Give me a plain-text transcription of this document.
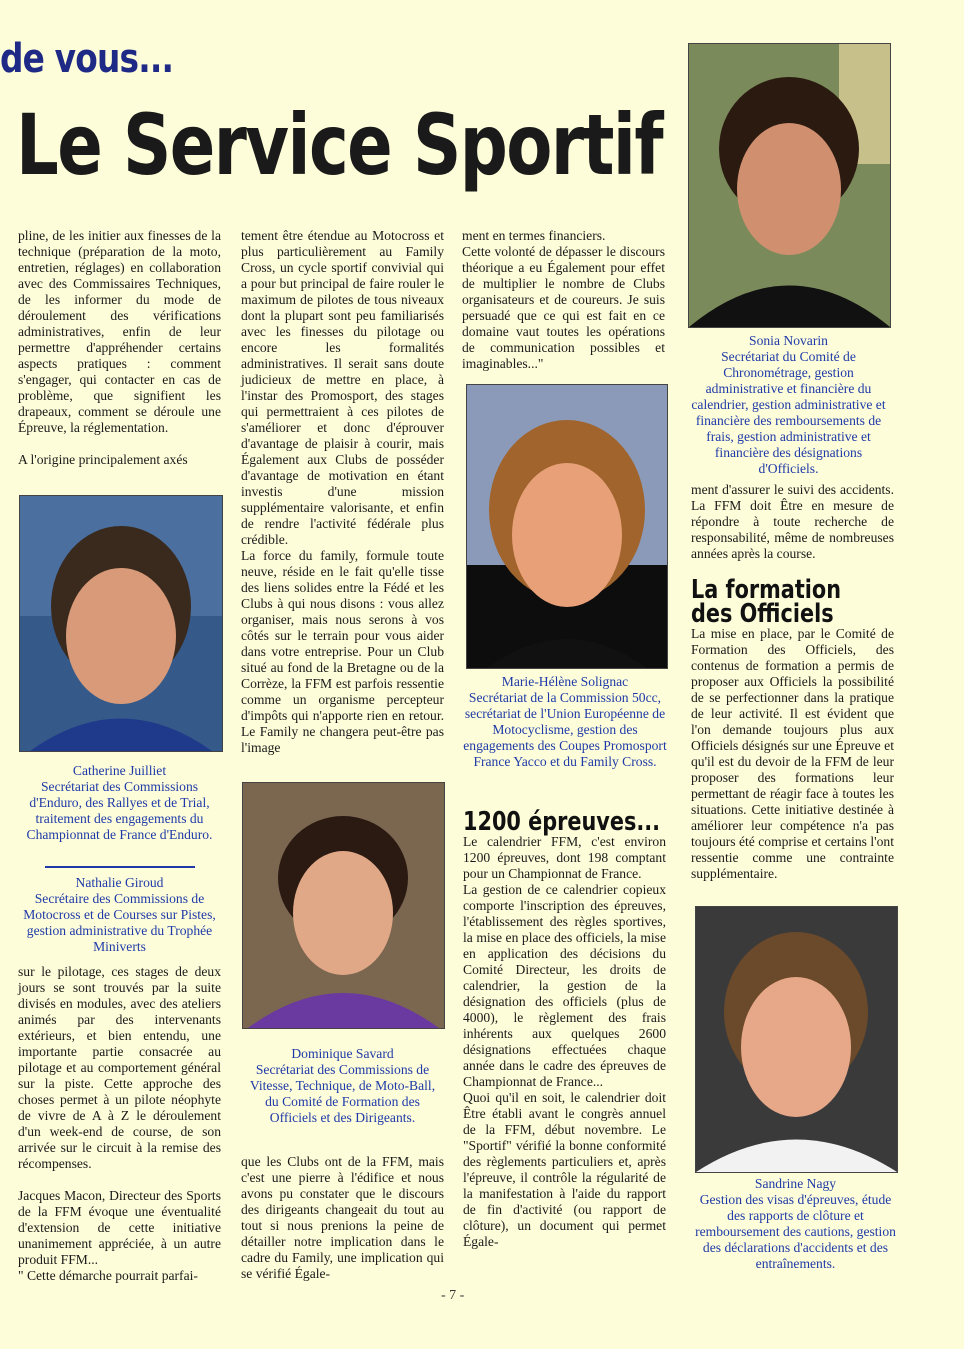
de vous...
Le Service Sportif

pline, de les initier aux finesses de la technique (préparation de la moto, entretien, réglages) en collaboration avec des Commissaires Techniques, de les informer du mode de déroulement des vérifications administratives, enfin de leur permettre d'appréhender certains aspects pratiques : comment s'engager, qui contacter en cas de problème, que signifient les drapeaux, comment se déroule une Épreuve, la réglementation.

A l'origine principalement axés

Catherine Juilliet
Secrétariat des Commissions d'Enduro, des Rallyes et de Trial, traitement des engagements du Championnat de France d'Enduro.
Nathalie Giroud
Secrétaire des Commissions de Motocross et de Courses sur Pistes, gestion administrative du Trophée Miniverts

sur le pilotage, ces stages de deux jours se sont trouvés par la suite divisés en modules, avec des ateliers animés par des intervenants extérieurs, et bien entendu, une importante partie consacrée au pilotage et au comportement général sur la piste. Cette approche des choses permet à un pilote néophyte de vivre de A à Z le déroulement d'un week-end de course, de son arrivée sur le circuit à la remise des récompenses.

Jacques Macon, Directeur des Sports de la FFM évoque une éventualité d'extension de cette initiative unanimement appréciée, à un autre produit FFM...

" Cette démarche pourrait parfai-

tement être étendue au Motocross et plus particulièrement au Family Cross, un cycle sportif convivial qui a pour but principal de faire rouler le maximum de pilotes de tous niveaux dont la plupart sont peu familiarisés avec les finesses du pilotage ou encore les formalités administratives. Il serait sans doute judicieux de mettre en place, à l'instar des Promosport, des stages qui permettraient à ces pilotes de s'améliorer et donc d'éprouver d'avantage de plaisir à courir, mais Également aux Clubs de posséder d'avantage de motivation en étant investis d'une mission supplémentaire valorisante, et enfin de rendre l'activité fédérale plus crédible.

La force du family, formule toute neuve, réside en le fait qu'elle tisse des liens solides entre la Fédé et les Clubs à qui nous disons : vous allez organiser, mais nous serons à vos côtés sur le terrain pour vous aider dans votre entreprise. Pour un Club situé au fond de la Bretagne ou de la Corrèze, la FFM est parfois ressentie comme un organisme percepteur d'impôts qui n'apporte rien en retour. Le Family ne changera peut-être pas l'image

Dominique Savard
Secrétariat des Commissions de Vitesse, Technique, de Moto-Ball, du Comité de Formation des Officiels et des Dirigeants.

que les Clubs ont de la FFM, mais c'est une pierre à l'édifice et nous avons pu constater que le discours des dirigeants changeait du tout au tout si nous prenions la peine de détailler notre implication dans le cadre du Family, une implication qui se vérifié Égale-

ment en termes financiers.

Cette volonté de dépasser le discours théorique a eu Également pour effet de multiplier le nombre de Clubs organisateurs et de coureurs. Je suis persuadé que ce qui est fait en ce domaine vaut toutes les opérations de communication possibles et imaginables..."

Marie-Hélène Solignac
Secrétariat de la Commission 50cc, secrétariat de l'Union Européenne de Motocyclisme, gestion des engagements des Coupes Promosport France Yacco et du Family Cross.
1200 épreuves...

Le calendrier FFM, c'est environ 1200 épreuves, dont 198 comptant pour un Championnat de France.

La gestion de ce calendrier copieux comporte l'inscription des épreuves, l'établissement des règles sportives, la mise en place des officiels, la mise en application des décisions du Comité Directeur, les droits de calendrier, la gestion de la désignation des officiels (plus de 4000), le règlement des frais inhérents aux quelques 2600 désignations effectuées chaque année dans le cadre des épreuves de Championnat de France...

Quoi qu'il en soit, le calendrier doit Être établi avant le congrès annuel de la FFM, début novembre. Le "Sportif" vérifié la bonne conformité des règlements particuliers et, après l'épreuve, il contrôle la régularité de la manifestation à l'aide du rapport de fin d'activité (ou rapport de clôture), un document qui permet Égale-

Sonia Novarin
Secrétariat du Comité de Chronométrage, gestion administrative et financière du calendrier, gestion administrative et financière des remboursements de frais, gestion administrative et financière des désignations d'Officiels.

ment d'assurer le suivi des accidents. La FFM doit Être en mesure de répondre à toute recherche de responsabilité, même de nombreuses années après la course.

La formation
des Officiels

La mise en place, par le Comité de Formation des Officiels, des contenus de formation a permis de proposer aux Officiels la possibilité de se perfectionner dans la pratique de leur activité. Il est évident que l'on demande toujours plus aux Officiels désignés sur une Épreuve et qu'il est du devoir de la FFM de leur proposer des formations leur permettant de réagir face à toutes les situations. Cette initiative destinée à améliorer leur compétence n'a pas toujours été comprise et certains l'ont ressentie comme une contrainte supplémentaire.

Sandrine Nagy
Gestion des visas d'épreuves, étude des rapports de clôture et remboursement des cautions, gestion des déclarations d'accidents et des entraînements.
- 7 -
